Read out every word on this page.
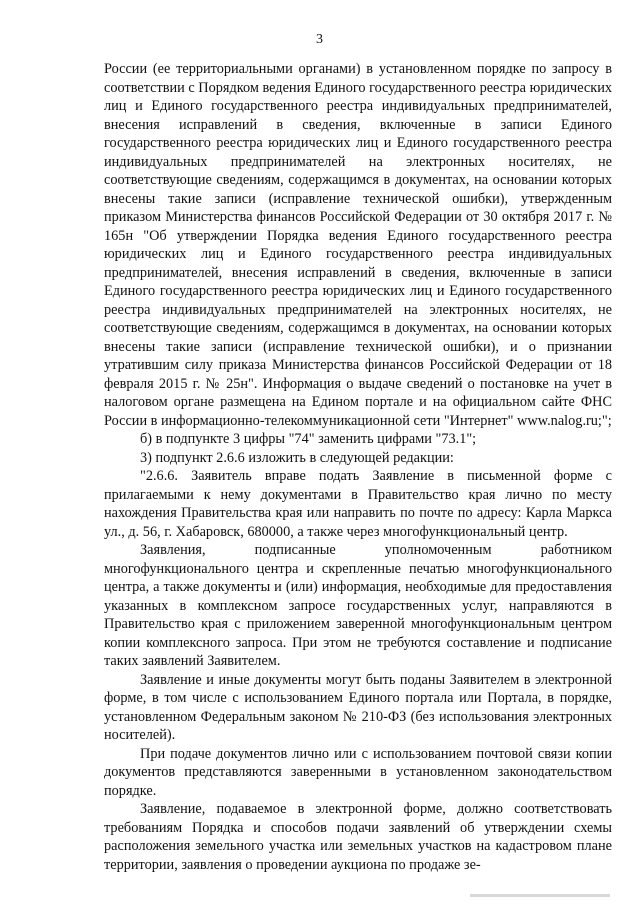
3

России (ее территориальными органами) в установленном порядке по запросу в соответствии с Порядком ведения Единого государственного реестра юридических лиц и Единого государственного реестра индивидуальных предпринимателей, внесения исправлений в сведения, включенные в записи Единого государственного реестра юридических лиц и Единого государственного реестра индивидуальных предпринимателей на электронных носителях, не соответствующие сведениям, содержащимся в документах, на основании которых внесены такие записи (исправление технической ошибки), утвержденным приказом Министерства финансов Российской Федерации от 30 октября 2017 г. № 165н "Об утверждении Порядка ведения Единого государственного реестра юридических лиц и Единого государственного реестра индивидуальных предпринимателей, внесения исправлений в сведения, включенные в записи Единого государственного реестра юридических лиц и Единого государственного реестра индивидуальных предпринимателей на электронных носителях, не соответствующие сведениям, содержащимся в документах, на основании которых внесены такие записи (исправление технической ошибки), и о признании утратившим силу приказа Министерства финансов Российской Федерации от 18 февраля 2015 г. № 25н". Информация о выдаче сведений о постановке на учет в налоговом органе размещена на Едином портале и на официальном сайте ФНС России в информационно-телекоммуникационной сети "Интернет" www.nalog.ru;";

б) в подпункте 3 цифры "74" заменить цифрами "73.1";

3) подпункт 2.6.6 изложить в следующей редакции:

"2.6.6. Заявитель вправе подать Заявление в письменной форме с прилагаемыми к нему документами в Правительство края лично по месту нахождения Правительства края или направить по почте по адресу: Карла Маркса ул., д. 56, г. Хабаровск, 680000, а также через многофункциональный центр.

Заявления, подписанные уполномоченным работником многофункционального центра и скрепленные печатью многофункционального центра, а также документы и (или) информация, необходимые для предоставления указанных в комплексном запросе государственных услуг, направляются в Правительство края с приложением заверенной многофункциональным центром копии комплексного запроса. При этом не требуются составление и подписание таких заявлений Заявителем.

Заявление и иные документы могут быть поданы Заявителем в электронной форме, в том числе с использованием Единого портала или Портала, в порядке, установленном Федеральным законом № 210-ФЗ (без использования электронных носителей).

При подаче документов лично или с использованием почтовой связи копии документов представляются заверенными в установленном законодательством порядке.

Заявление, подаваемое в электронной форме, должно соответствовать требованиям Порядка и способов подачи заявлений об утверждении схемы расположения земельного участка или земельных участков на кадастровом плане территории, заявления о проведении аукциона по продаже зе-
